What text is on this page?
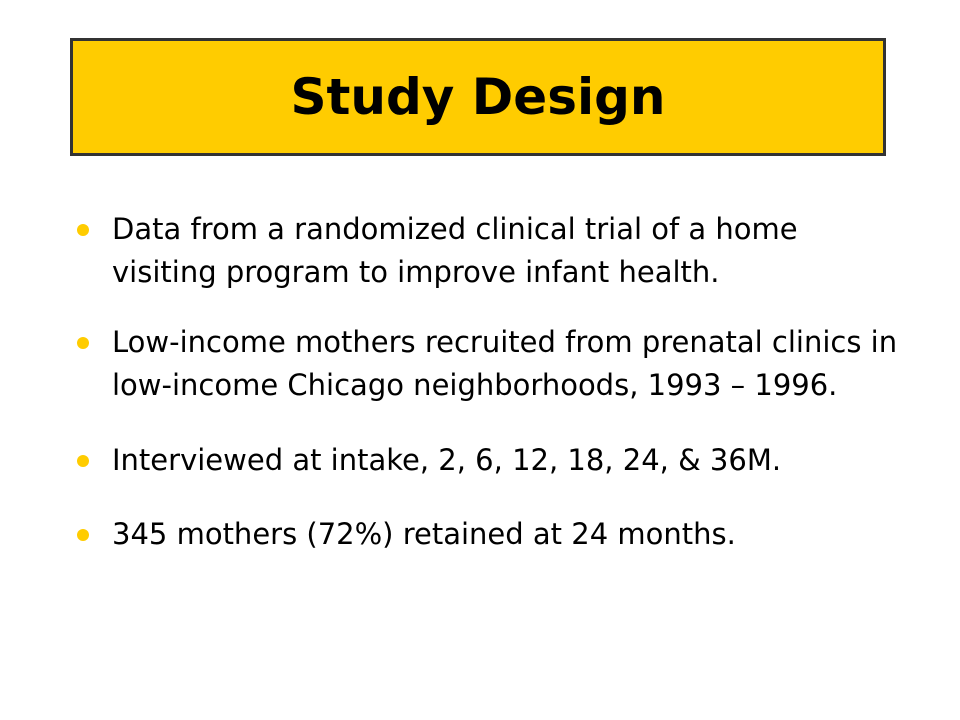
Study Design
Data from a randomized clinical trial of a home visiting program to improve infant health.
Low-income mothers recruited from prenatal clinics in low-income Chicago neighborhoods, 1993 – 1996.
Interviewed at intake, 2, 6, 12, 18, 24, & 36M.
345 mothers (72%) retained at 24 months.
